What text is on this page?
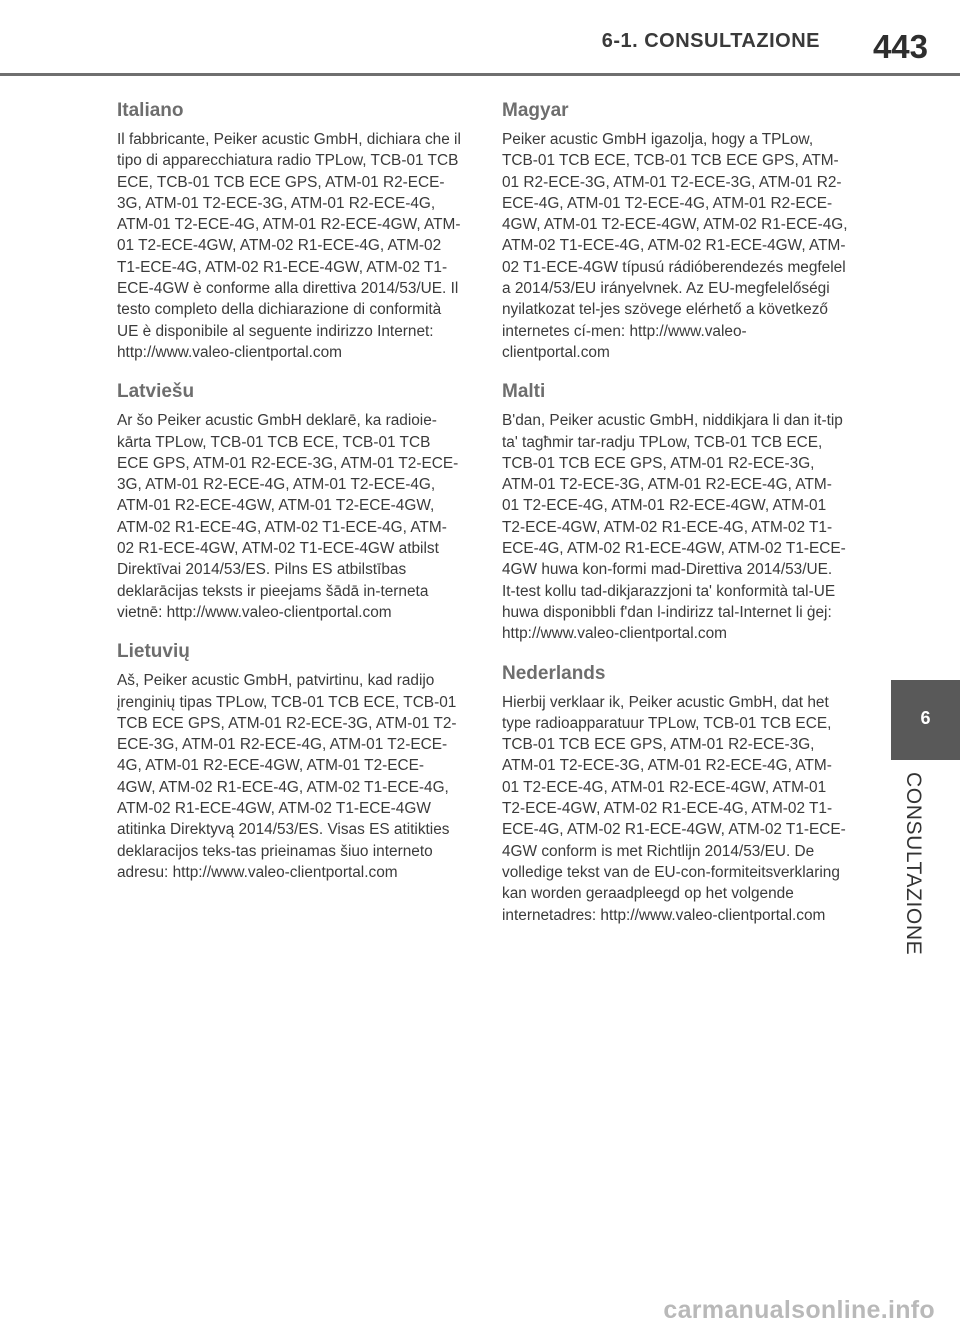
6-1. CONSULTAZIONE	443
Italiano

Il fabbricante, Peiker acustic GmbH, dichiara che il tipo di apparecchiatura radio TPLow, TCB-01 TCB ECE, TCB-01 TCB ECE GPS, ATM-01 R2-ECE-3G, ATM-01 T2-ECE-3G, ATM-01 R2-ECE-4G, ATM-01 T2-ECE-4G, ATM-01 R2-ECE-4GW, ATM-01 T2-ECE-4GW, ATM-02 R1-ECE-4G, ATM-02 T1-ECE-4G, ATM-02 R1-ECE-4GW, ATM-02 T1-ECE-4GW è conforme alla direttiva 2014/53/UE. Il testo completo della dichiarazione di conformità UE è disponibile al seguente indirizzo Internet: http://www.valeo-clientportal.com

Latviešu

Ar šo Peiker acustic GmbH deklarē, ka radioie-kārta TPLow, TCB-01 TCB ECE, TCB-01 TCB ECE GPS, ATM-01 R2-ECE-3G, ATM-01 T2-ECE-3G, ATM-01 R2-ECE-4G, ATM-01 T2-ECE-4G, ATM-01 R2-ECE-4GW, ATM-01 T2-ECE-4GW, ATM-02 R1-ECE-4G, ATM-02 T1-ECE-4G, ATM-02 R1-ECE-4GW, ATM-02 T1-ECE-4GW atbilst Direktīvai 2014/53/ES. Pilns ES atbilstības deklarācijas teksts ir pieejams šādā in-terneta vietnē: http://www.valeo-clientportal.com

Lietuvių

Aš, Peiker acustic GmbH, patvirtinu, kad radijo įrenginių tipas TPLow, TCB-01 TCB ECE, TCB-01 TCB ECE GPS, ATM-01 R2-ECE-3G, ATM-01 T2-ECE-3G, ATM-01 R2-ECE-4G, ATM-01 T2-ECE-4G, ATM-01 R2-ECE-4GW, ATM-01 T2-ECE-4GW, ATM-02 R1-ECE-4G, ATM-02 T1-ECE-4G, ATM-02 R1-ECE-4GW, ATM-02 T1-ECE-4GW atitinka Direktyvą 2014/53/ES. Visas ES atitikties deklaracijos teks-tas prieinamas šiuo interneto adresu: http://www.valeo-clientportal.com

Magyar

Peiker acustic GmbH igazolja, hogy a TPLow, TCB-01 TCB ECE, TCB-01 TCB ECE GPS, ATM-01 R2-ECE-3G, ATM-01 T2-ECE-3G, ATM-01 R2-ECE-4G, ATM-01 T2-ECE-4G, ATM-01 R2-ECE-4GW, ATM-01 T2-ECE-4GW, ATM-02 R1-ECE-4G, ATM-02 T1-ECE-4G, ATM-02 R1-ECE-4GW, ATM-02 T1-ECE-4GW típusú rádióberendezés megfelel a 2014/53/EU irányelvnek. Az EU-megfelelőségi nyilatkozat tel-jes szövege elérhető a következő internetes cí-men: http://www.valeo-clientportal.com

Malti

B'dan, Peiker acustic GmbH, niddikjara li dan it-tip ta' tagħmir tar-radju TPLow, TCB-01 TCB ECE, TCB-01 TCB ECE GPS, ATM-01 R2-ECE-3G, ATM-01 T2-ECE-3G, ATM-01 R2-ECE-4G, ATM-01 T2-ECE-4G, ATM-01 R2-ECE-4GW, ATM-01 T2-ECE-4GW, ATM-02 R1-ECE-4G, ATM-02 T1-ECE-4G, ATM-02 R1-ECE-4GW, ATM-02 T1-ECE-4GW huwa kon-formi mad-Direttiva 2014/53/UE. It-test kollu tad-dikjarazzjoni ta' konformità tal-UE huwa disponibbli f'dan l-indirizz tal-Internet li ġej: http://www.valeo-clientportal.com

Nederlands

Hierbij verklaar ik, Peiker acustic GmbH, dat het type radioapparatuur TPLow, TCB-01 TCB ECE, TCB-01 TCB ECE GPS, ATM-01 R2-ECE-3G, ATM-01 T2-ECE-3G, ATM-01 R2-ECE-4G, ATM-01 T2-ECE-4G, ATM-01 R2-ECE-4GW, ATM-01 T2-ECE-4GW, ATM-02 R1-ECE-4G, ATM-02 T1-ECE-4G, ATM-02 R1-ECE-4GW, ATM-02 T1-ECE-4GW conform is met Richtlijn 2014/53/EU. De volledige tekst van de EU-con-formiteitsverklaring kan worden geraadpleegd op het volgende internetadres: http://www.valeo-clientportal.com

6
CONSULTAZIONE
carmanualsonline.info
